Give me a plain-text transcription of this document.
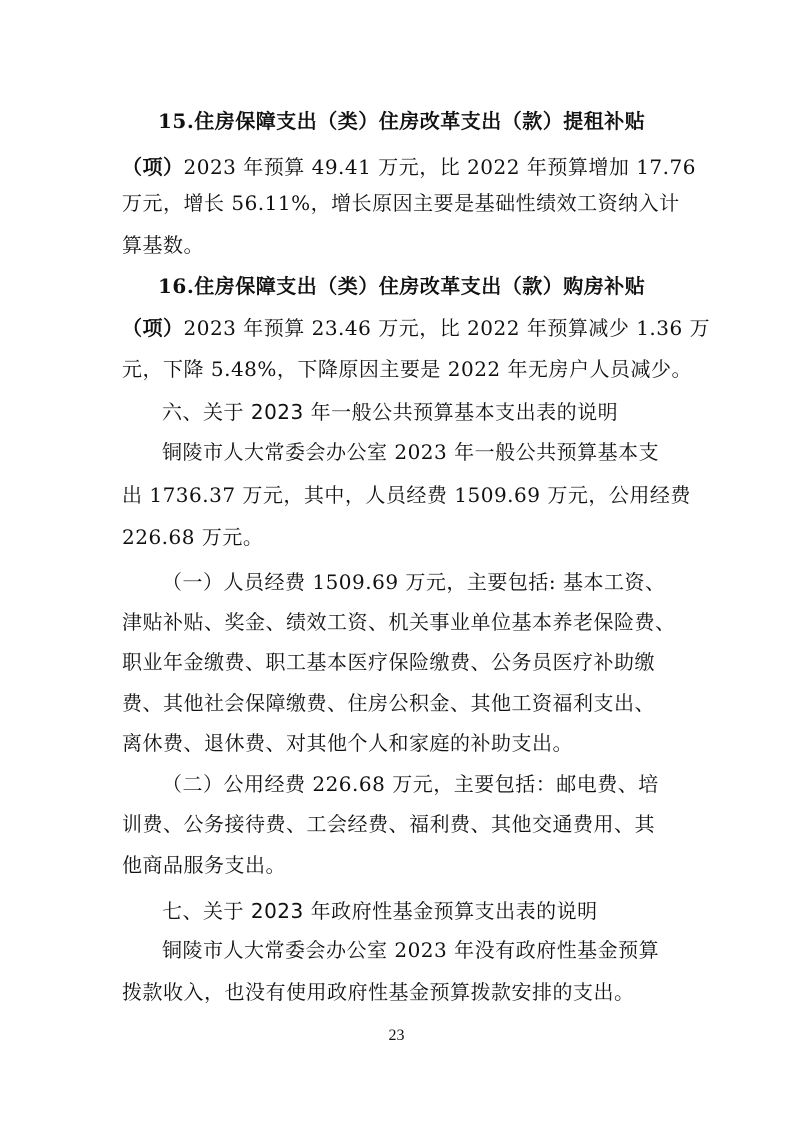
15.住房保障支出（类）住房改革支出（款）提租补贴
（项）2023 年预算 49.41 万元，比 2022 年预算增加 17.76
万元，增长 56.11%，增长原因主要是基础性绩效工资纳入计
算基数。
16.住房保障支出（类）住房改革支出（款）购房补贴
（项）2023 年预算 23.46 万元，比 2022 年预算减少 1.36 万
元，下降 5.48%，下降原因主要是 2022 年无房户人员减少。
六、关于 2023 年一般公共预算基本支出表的说明
铜陵市人大常委会办公室 2023 年一般公共预算基本支
出 1736.37 万元，其中，人员经费 1509.69 万元，公用经费
226.68 万元。
（一）人员经费 1509.69 万元，主要包括: 基本工资、
津贴补贴、奖金、绩效工资、机关事业单位基本养老保险费、
职业年金缴费、职工基本医疗保险缴费、公务员医疗补助缴
费、其他社会保障缴费、住房公积金、其他工资福利支出、
离休费、退休费、对其他个人和家庭的补助支出。
（二）公用经费 226.68 万元，主要包括：邮电费、培
训费、公务接待费、工会经费、福利费、其他交通费用、其
他商品服务支出。
七、关于 2023 年政府性基金预算支出表的说明
铜陵市人大常委会办公室 2023 年没有政府性基金预算
拨款收入，也没有使用政府性基金预算拨款安排的支出。
23
